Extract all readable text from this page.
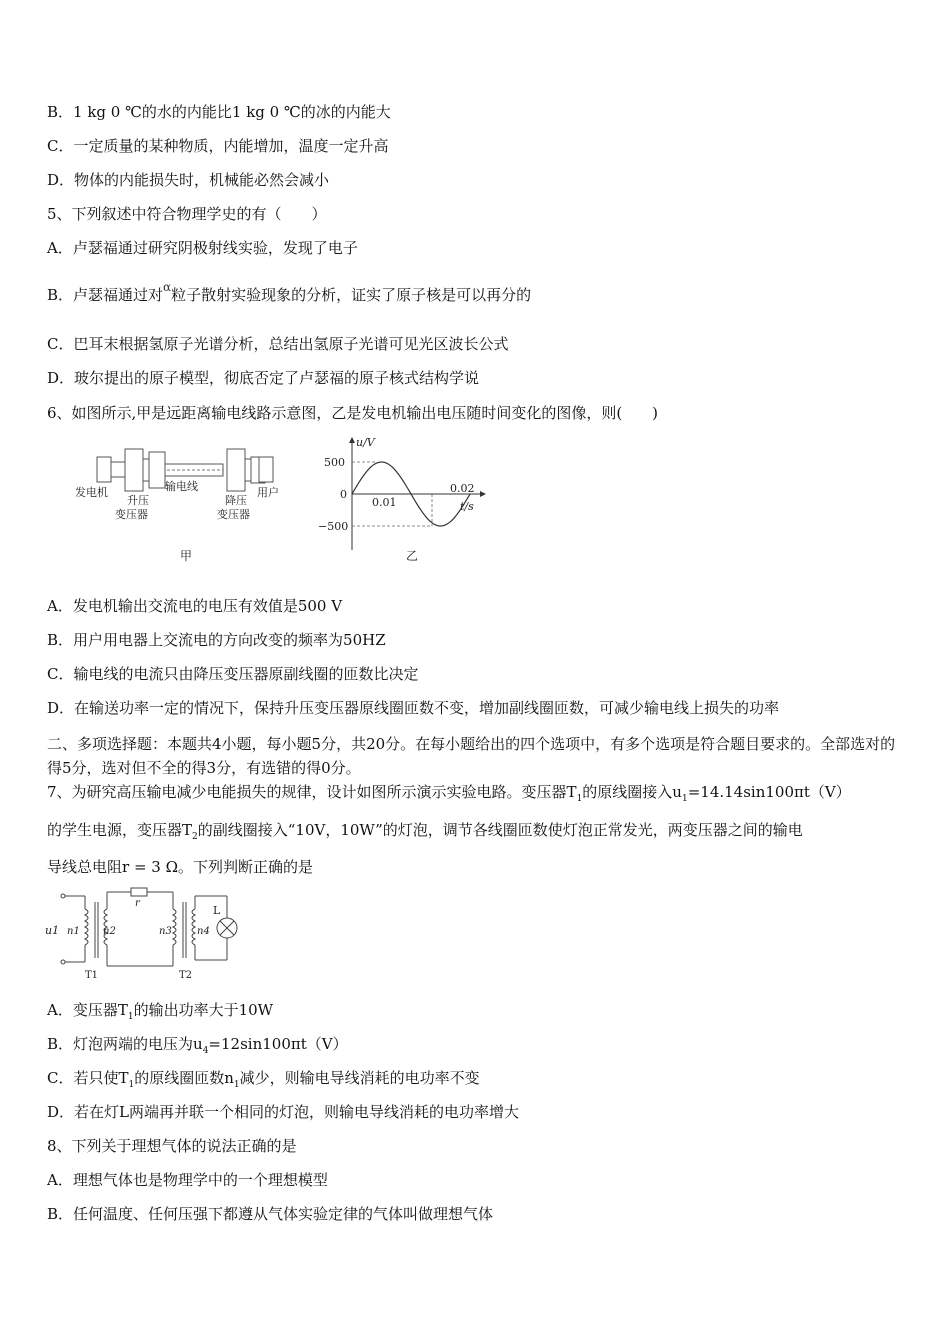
B．1 kg 0 ℃的水的内能比1 kg 0 ℃的冰的内能大
C．一定质量的某种物质，内能增加，温度一定升高
D．物体的内能损失时，机械能必然会减小
5、下列叙述中符合物理学史的有（　　）
A．卢瑟福通过研究阴极射线实验，发现了电子
B．卢瑟福通过对$^\alpha$粒子散射实验现象的分析，证实了原子核是可以再分的
C．巴耳末根据氢原子光谱分析，总结出氢原子光谱可见光区波长公式
D．玻尔提出的原子模型，彻底否定了卢瑟福的原子核式结构学说
6、如图所示,甲是远距离输电线路示意图，乙是发电机输出电压随时间变化的图像，则(　　)
发电机	输电线
升压
变压器
降压
变压器
用户
甲
u/V
t/s
500
0
−500
0.01
0.02
乙
A．发电机输出交流电的电压有效值是500 V
B．用户用电器上交流电的方向改变的频率为50HZ
C．输电线的电流只由降压变压器原副线圈的匝数比决定
D．在输送功率一定的情况下，保持升压变压器原线圈匝数不变，增加副线圈匝数，可减少输电线上损失的功率
二、多项选择题：本题共4小题，每小题5分，共20分。在每小题给出的四个选项中，有多个选项是符合题目要求的。全部选对的得5分，选对但不全的得3分，有选错的得0分。
7、为研究高压输电减少电能损失的规律，设计如图所示演示实验电路。变压器$T_1$的原线圈接入$u_1=14.14\sin 100\pi t(V)$
的学生电源，变压器$T_2$的副线圈接入“10V，10W”的灯泡，调节各线圈匝数使灯泡正常发光，两变压器之间的输电
导线总电阻r = 3 Ω。下列判断正确的是
u1 n1 n2
r
n3	n4
L
T1	T2
A．变压器$T_1$的输出功率大于10W
B．灯泡两端的电压为$u_4=12\sin 100\pi t(V)$
C．若只使$T_1$的原线圈匝数$n_1$减少，则输电导线消耗的电功率不变
D．若在灯L两端再并联一个相同的灯泡，则输电导线消耗的电功率增大
8、下列关于理想气体的说法正确的是
A．理想气体也是物理学中的一个理想模型
B．任何温度、任何压强下都遵从气体实验定律的气体叫做理想气体
